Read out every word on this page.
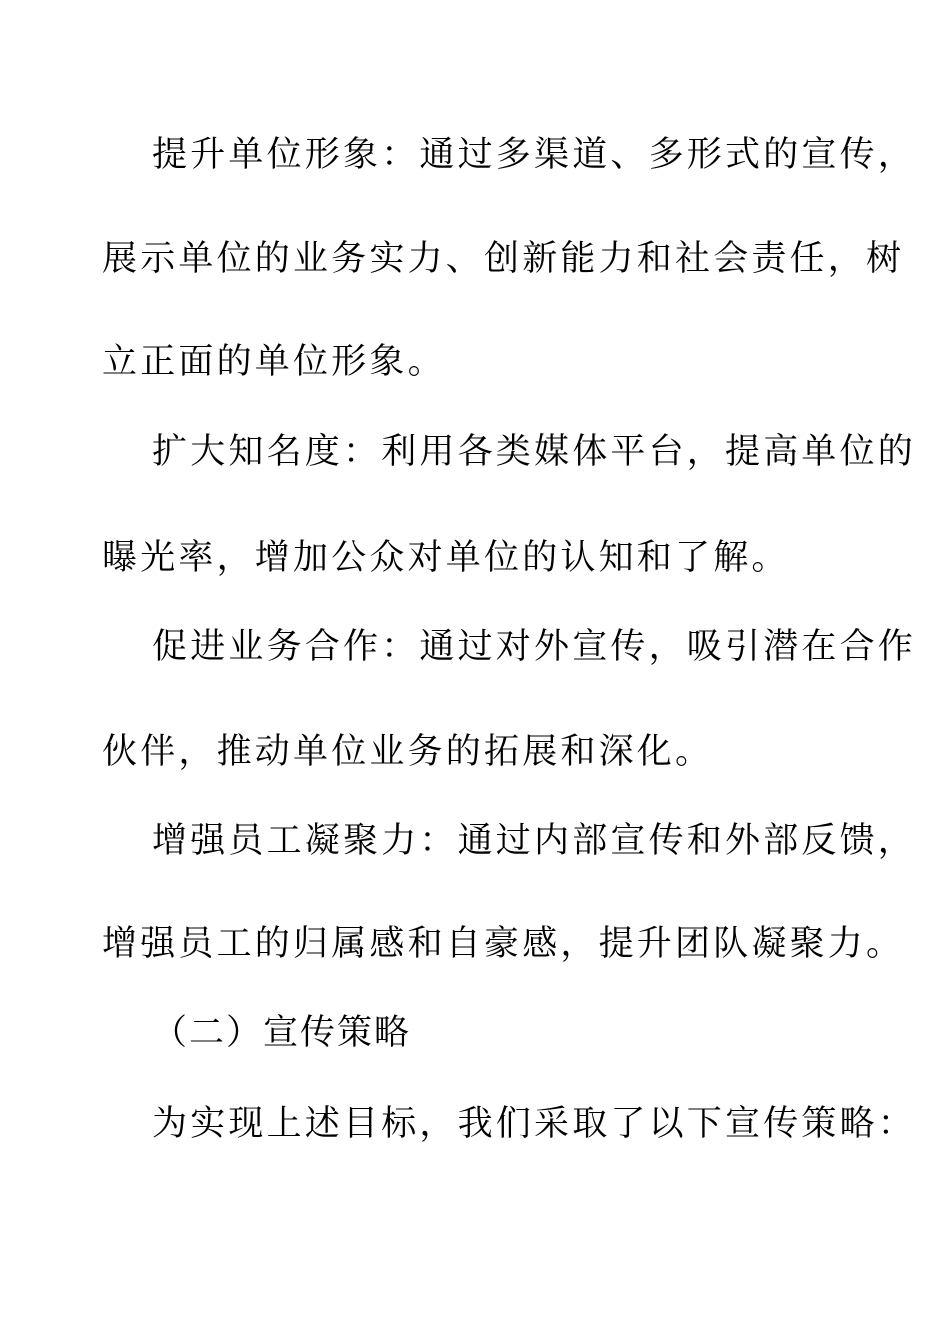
提升单位形象：通过多渠道、多形式的宣传，
展示单位的业务实力、创新能力和社会责任，树
立正面的单位形象。
扩大知名度：利用各类媒体平台，提高单位的
曝光率，增加公众对单位的认知和了解。
促进业务合作：通过对外宣传，吸引潜在合作
伙伴，推动单位业务的拓展和深化。
增强员工凝聚力：通过内部宣传和外部反馈，
增强员工的归属感和自豪感，提升团队凝聚力。
（二）宣传策略
为实现上述目标，我们采取了以下宣传策略：
